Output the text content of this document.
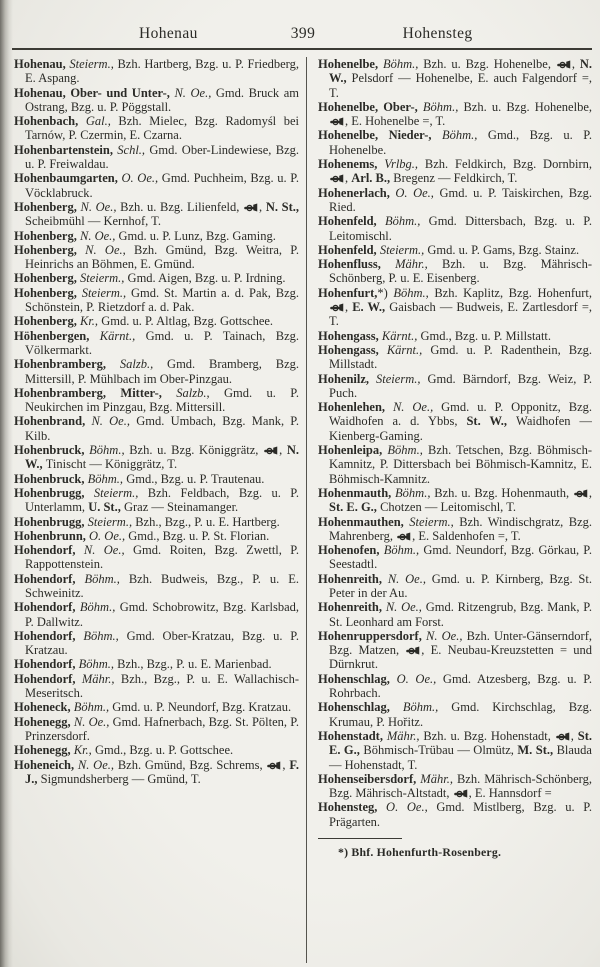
Hohenau	399	Hohensteg

Hohenau, Steierm., Bzh. Hartberg, Bzg. u. P. Friedberg, E. Aspang.

Hohenau, Ober- und Unter-, N. Oe., Gmd. Bruck am Ostrang, Bzg. u. P. Pöggstall.

Hohenbach, Gal., Bzh. Mielec, Bzg. Radomyśl bei Tarnów, P. Czermin, E. Czarna.

Hohenbartenstein, Schl., Gmd. Ober-Lindewiese, Bzg. u. P. Freiwaldau.

Hohenbaumgarten, O. Oe., Gmd. Puchheim, Bzg. u. P. Vöcklabruck.

Hohenberg, N. Oe., Bzh. u. Bzg. Lilienfeld,
, N. St., Scheibmühl — Kernhof, T.

Hohenberg, N. Oe., Gmd. u. P. Lunz, Bzg. Gaming.

Hohenberg, N. Oe., Bzh. Gmünd, Bzg. Weitra, P. Heinrichs an Böhmen, E. Gmünd.

Hohenberg, Steierm., Gmd. Aigen, Bzg. u. P. Irdning.

Hohenberg, Steierm., Gmd. St. Martin a. d. Pak, Bzg. Schönstein, P. Rietzdorf a. d. Pak.

Hohenberg, Kr., Gmd. u. P. Altlag, Bzg. Gottschee.

Höhenbergen, Kärnt., Gmd. u. P. Tainach, Bzg. Völkermarkt.

Hohenbramberg, Salzb., Gmd. Bramberg, Bzg. Mittersill, P. Mühlbach im Ober-Pinzgau.

Hohenbramberg, Mitter-, Salzb., Gmd. u. P. Neukirchen im Pinzgau, Bzg. Mittersill.

Hohenbrand, N. Oe., Gmd. Umbach, Bzg. Mank, P. Kilb.

Hohenbruck, Böhm., Bzh. u. Bzg. Königgrätz,
, N. W., Tinischt — Königgrätz, T.

Hohenbruck, Böhm., Gmd., Bzg. u. P. Trautenau.

Hohenbrugg, Steierm., Bzh. Feldbach, Bzg. u. P. Unterlamm, U. St., Graz — Steinamanger.

Hohenbrugg, Steierm., Bzh., Bzg., P. u. E. Hartberg.

Hohenbrunn, O. Oe., Gmd., Bzg. u. P. St. Florian.

Hohendorf, N. Oe., Gmd. Roiten, Bzg. Zwettl, P. Rappottenstein.

Hohendorf, Böhm., Bzh. Budweis, Bzg., P. u. E. Schweinitz.

Hohendorf, Böhm., Gmd. Schobrowitz, Bzg. Karlsbad, P. Dallwitz.

Hohendorf, Böhm., Gmd. Ober-Kratzau, Bzg. u. P. Kratzau.

Hohendorf, Böhm., Bzh., Bzg., P. u. E. Marienbad.

Hohendorf, Mähr., Bzh., Bzg., P. u. E. Wallachisch-Meseritsch.

Hoheneck, Böhm., Gmd. u. P. Neundorf, Bzg. Kratzau.

Hohenegg, N. Oe., Gmd. Hafnerbach, Bzg. St. Pölten, P. Prinzersdorf.

Hohenegg, Kr., Gmd., Bzg. u. P. Gottschee.

Hoheneich, N. Oe., Bzh. Gmünd, Bzg. Schrems,
, F. J., Sigmundsherberg — Gmünd, T.

Hohenelbe, Böhm., Bzh. u. Bzg. Hohenelbe,
, N. W., Pelsdorf — Hohenelbe, E. auch Falgendorf =, T.

Hohenelbe, Ober-, Böhm., Bzh. u. Bzg. Hohenelbe,
, E. Hohenelbe =, T.

Hohenelbe, Nieder-, Böhm., Gmd., Bzg. u. P. Hohenelbe.

Hohenems, Vrlbg., Bzh. Feldkirch, Bzg. Dornbirn,
, Arl. B., Bregenz — Feldkirch, T.

Hohenerlach, O. Oe., Gmd. u. P. Taiskirchen, Bzg. Ried.

Hohenfeld, Böhm., Gmd. Dittersbach, Bzg. u. P. Leitomischl.

Hohenfeld, Steierm., Gmd. u. P. Gams, Bzg. Stainz.

Hohenfluss, Mähr., Bzh. u. Bzg. Mährisch-Schönberg, P. u. E. Eisenberg.

Hohenfurt,*) Böhm., Bzh. Kaplitz, Bzg. Hohenfurt,
, E. W., Gaisbach — Budweis, E. Zartlesdorf =, T.

Hohengass, Kärnt., Gmd., Bzg. u. P. Millstatt.

Hohengass, Kärnt., Gmd. u. P. Radenthein, Bzg. Millstadt.

Hohenilz, Steierm., Gmd. Bärndorf, Bzg. Weiz, P. Puch.

Hohenlehen, N. Oe., Gmd. u. P. Opponitz, Bzg. Waidhofen a. d. Ybbs, St. W., Waidhofen — Kienberg-Gaming.

Hohenleipa, Böhm., Bzh. Tetschen, Bzg. Böhmisch-Kamnitz, P. Dittersbach bei Böhmisch-Kamnitz, E. Böhmisch-Kamnitz.

Hohenmauth, Böhm., Bzh. u. Bzg. Hohenmauth,
, St. E. G., Chotzen — Leitomischl, T.

Hohenmauthen, Steierm., Bzh. Windischgratz, Bzg. Mahrenberg,
, E. Saldenhofen =, T.

Hohenofen, Böhm., Gmd. Neundorf, Bzg. Görkau, P. Seestadtl.

Hohenreith, N. Oe., Gmd. u. P. Kirnberg, Bzg. St. Peter in der Au.

Hohenreith, N. Oe., Gmd. Ritzengrub, Bzg. Mank, P. St. Leonhard am Forst.

Hohenruppersdorf, N. Oe., Bzh. Unter-Gänserndorf, Bzg. Matzen,
, E. Neubau-Kreuzstetten = und Dürnkrut.

Hohenschlag, O. Oe., Gmd. Atzesberg, Bzg. u. P. Rohrbach.

Hohenschlag, Böhm., Gmd. Kirchschlag, Bzg. Krumau, P. Hořitz.

Hohenstadt, Mähr., Bzh. u. Bzg. Hohenstadt,
, St. E. G., Böhmisch-Trübau — Olmütz, M. St., Blauda — Hohenstadt, T.

Hohenseibersdorf, Mähr., Bzh. Mährisch-Schönberg, Bzg. Mährisch-Altstadt,
, E. Hannsdorf =

Hohensteg, O. Oe., Gmd. Mistlberg, Bzg. u. P. Prägarten.

*) Bhf. Hohenfurth-Rosenberg.
